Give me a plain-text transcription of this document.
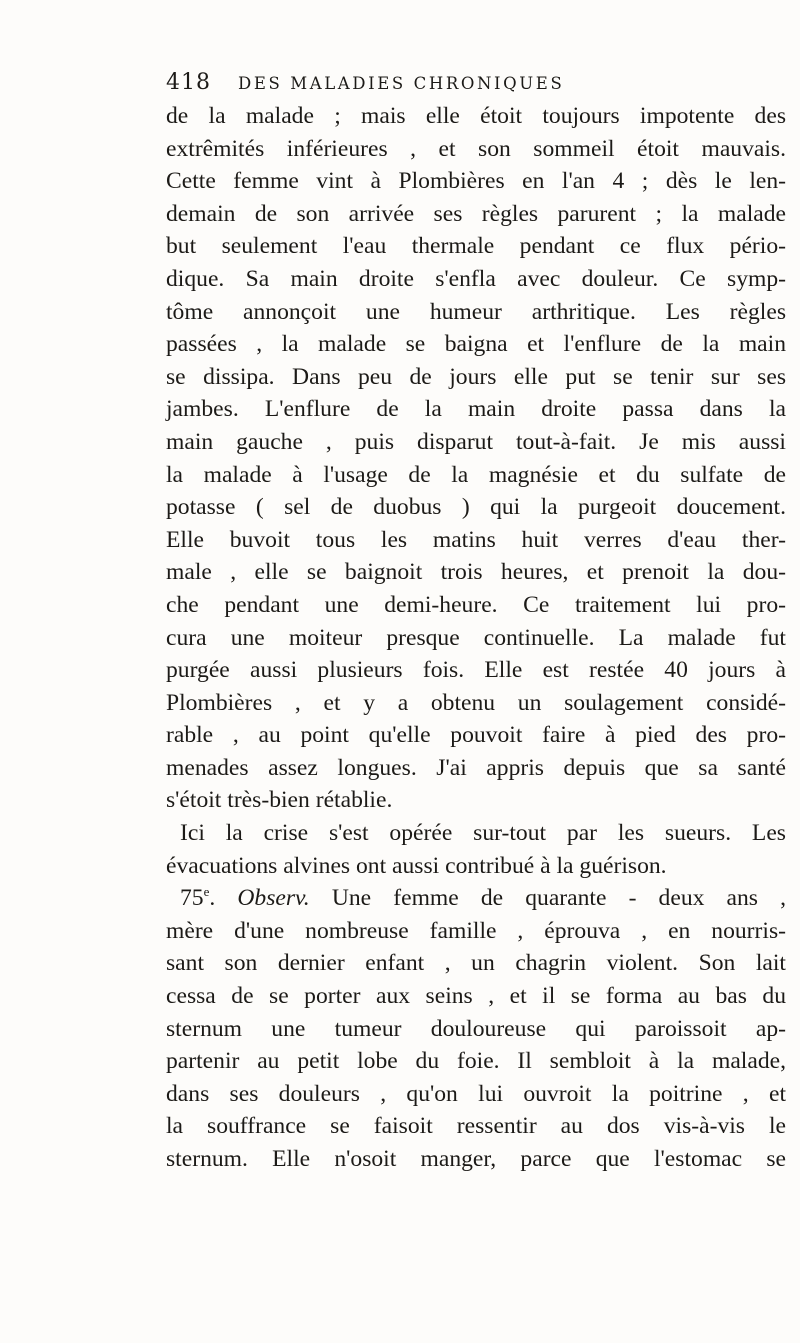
418 DES MALADIES CHRONIQUES
de la malade ; mais elle étoit toujours impotente des
extrêmités inférieures , et son sommeil étoit mauvais.
Cette femme vint à Plombières en l'an 4 ; dès le len-
demain de son arrivée ses règles parurent ; la malade
but seulement l'eau thermale pendant ce flux pério-
dique. Sa main droite s'enfla avec douleur. Ce symp-
tôme annonçoit une humeur arthritique. Les règles
passées , la malade se baigna et l'enflure de la main
se dissipa. Dans peu de jours elle put se tenir sur ses
jambes. L'enflure de la main droite passa dans la
main gauche , puis disparut tout-à-fait. Je mis aussi
la malade à l'usage de la magnésie et du sulfate de
potasse ( sel de duobus ) qui la purgeoit doucement.
Elle buvoit tous les matins huit verres d'eau ther-
male , elle se baignoit trois heures, et prenoit la dou-
che pendant une demi-heure. Ce traitement lui pro-
cura une moiteur presque continuelle. La malade fut
purgée aussi plusieurs fois. Elle est restée 40 jours à
Plombières , et y a obtenu un soulagement considé-
rable , au point qu'elle pouvoit faire à pied des pro-
menades assez longues. J'ai appris depuis que sa santé
s'étoit très-bien rétablie.
Ici la crise s'est opérée sur-tout par les sueurs. Les
évacuations alvines ont aussi contribué à la guérison.
75e. Observ. Une femme de quarante - deux ans ,
mère d'une nombreuse famille , éprouva , en nourris-
sant son dernier enfant , un chagrin violent. Son lait
cessa de se porter aux seins , et il se forma au bas du
sternum une tumeur douloureuse qui paroissoit ap-
partenir au petit lobe du foie. Il sembloit à la malade,
dans ses douleurs , qu'on lui ouvroit la poitrine , et
la souffrance se faisoit ressentir au dos vis-à-vis le
sternum. Elle n'osoit manger, parce que l'estomac se
